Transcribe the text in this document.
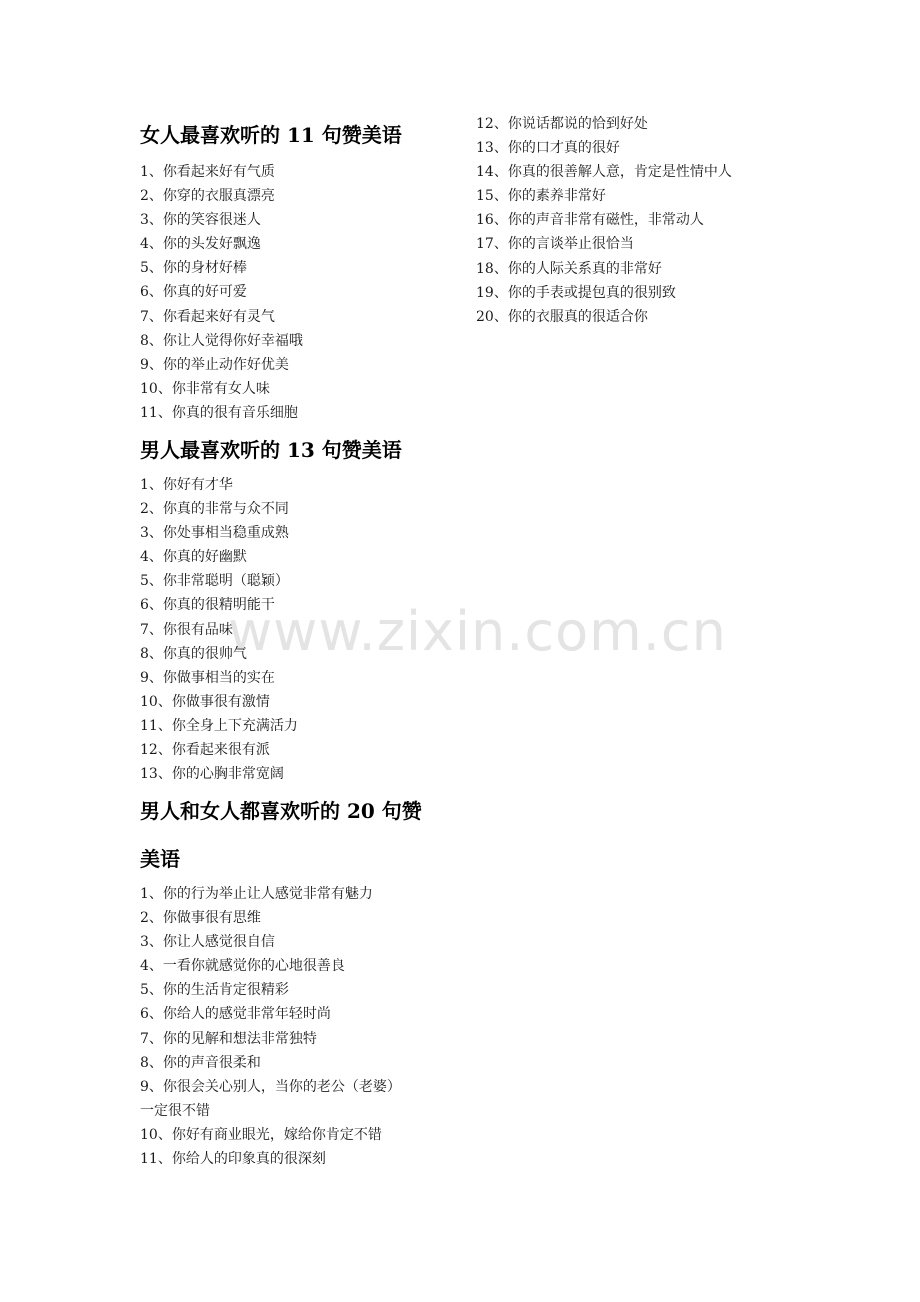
www.zixin.com.cn
女人最喜欢听的 11 句赞美语
1、你看起来好有气质
2、你穿的衣服真漂亮
3、你的笑容很迷人
4、你的头发好飘逸
5、你的身材好棒
6、你真的好可爱
7、你看起来好有灵气
8、你让人觉得你好幸福哦
9、你的举止动作好优美
10、你非常有女人味
11、你真的很有音乐细胞
男人最喜欢听的 13 句赞美语
1、你好有才华
2、你真的非常与众不同
3、你处事相当稳重成熟
4、你真的好幽默
5、你非常聪明（聪颖）
6、你真的很精明能干
7、你很有品味
8、你真的很帅气
9、你做事相当的实在
10、你做事很有激情
11、你全身上下充满活力
12、你看起来很有派
13、你的心胸非常宽阔
男人和女人都喜欢听的 20 句赞
美语
1、你的行为举止让人感觉非常有魅力
2、你做事很有思维
3、你让人感觉很自信
4、一看你就感觉你的心地很善良
5、你的生活肯定很精彩
6、你给人的感觉非常年轻时尚
7、你的见解和想法非常独特
8、你的声音很柔和
9、你很会关心别人，当你的老公（老婆）
一定很不错
10、你好有商业眼光，嫁给你肯定不错
11、你给人的印象真的很深刻
12、你说话都说的恰到好处
13、你的口才真的很好
14、你真的很善解人意，肯定是性情中人
15、你的素养非常好
16、你的声音非常有磁性，非常动人
17、你的言谈举止很恰当
18、你的人际关系真的非常好
19、你的手表或提包真的很别致
20、你的衣服真的很适合你
